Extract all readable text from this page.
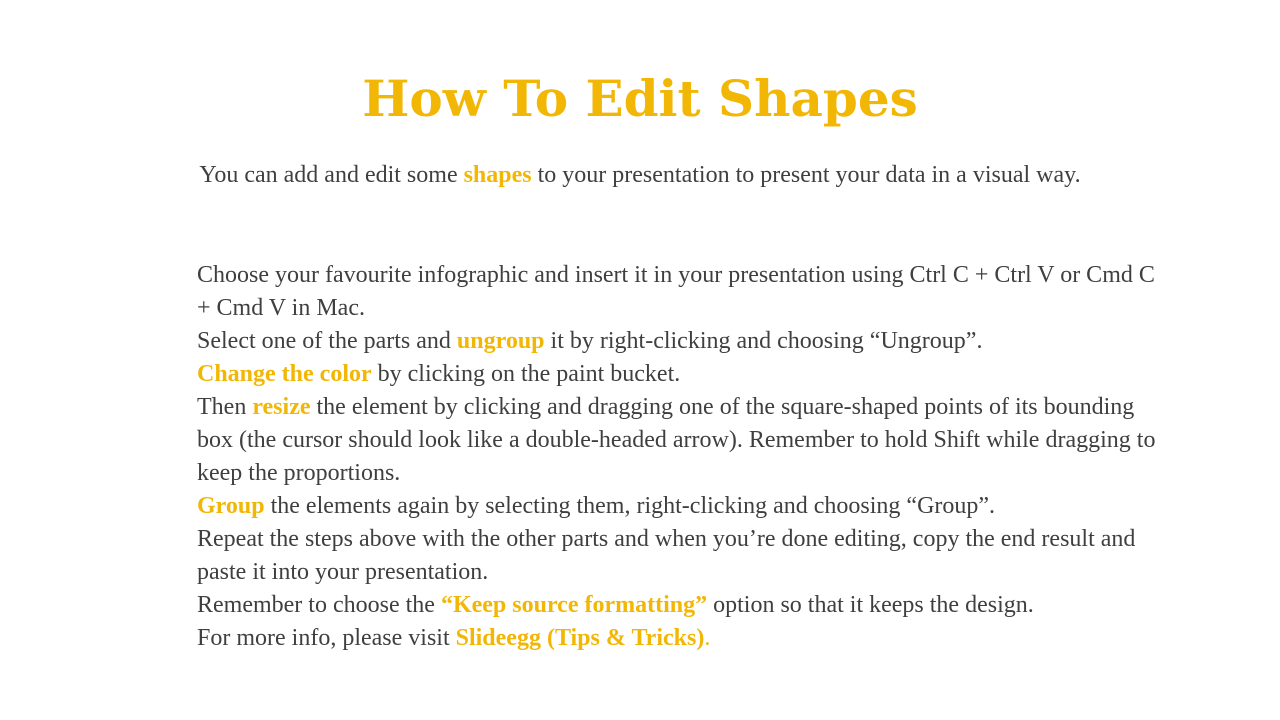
How To Edit Shapes
You can add and edit some shapes to your presentation to present your data in a visual way.
Choose your favourite infographic and insert it in your presentation using Ctrl C + Ctrl V or Cmd C + Cmd V in Mac.
Select one of the parts and ungroup it by right-clicking and choosing “Ungroup”.
Change the color by clicking on the paint bucket.
Then resize the element by clicking and dragging one of the square-shaped points of its bounding box (the cursor should look like a double-headed arrow). Remember to hold Shift while dragging to keep the proportions.
Group the elements again by selecting them, right-clicking and choosing “Group”.
Repeat the steps above with the other parts and when you’re done editing, copy the end result and paste it into your presentation.
Remember to choose the “Keep source formatting” option so that it keeps the design.
For more info, please visit Slideegg (Tips & Tricks).
